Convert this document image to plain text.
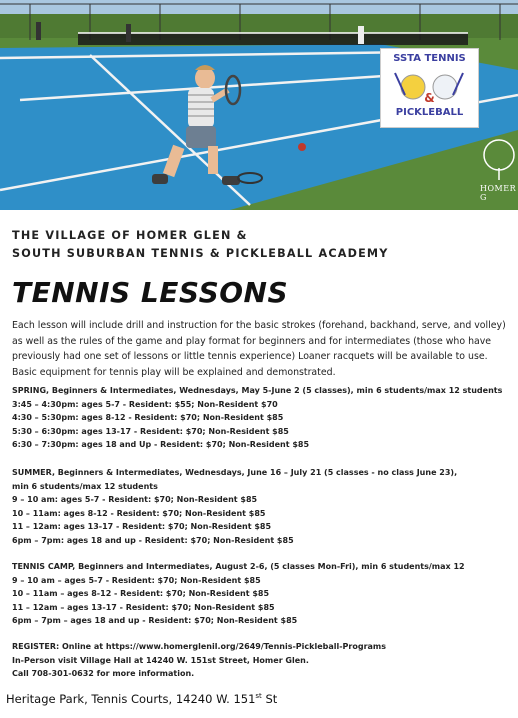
SSTA TENNIS
&
PICKLEBALL
HOMER G
THE VILLAGE OF HOMER GLEN &
SOUTH SUBURBAN TENNIS & PICKLEBALL ACADEMY
TENNIS LESSONS
Each lesson will include drill and instruction for the basic strokes (forehand, backhand, serve, and volley) as well as the rules of the game and play format for beginners and for intermediates (those who have previously had one set of lessons or little tennis experience) Loaner racquets will be available to use. Basic equipment for tennis play will be explained and demonstrated.
SPRING, Beginners & Intermediates, Wednesdays, May 5-June 2 (5 classes), min 6 students/max 12 students
3:45 – 4:30pm: ages 5-7 - Resident: $55; Non-Resident $70
4:30 – 5:30pm: ages 8-12 - Resident: $70; Non-Resident $85
5:30 – 6:30pm: ages 13-17 - Resident: $70; Non-Resident $85
6:30 – 7:30pm: ages 18 and Up - Resident: $70; Non-Resident $85
SUMMER, Beginners & Intermediates, Wednesdays, June 16 – July 21 (5 classes - no class June 23),
min 6 students/max 12 students
9 – 10 am: ages 5-7 - Resident: $70; Non-Resident $85
10 – 11am: ages 8-12 - Resident: $70; Non-Resident $85
11 – 12am: ages 13-17 - Resident: $70; Non-Resident $85
6pm – 7pm: ages 18 and up - Resident: $70; Non-Resident $85
TENNIS CAMP, Beginners and Intermediates, August 2-6, (5 classes Mon-Fri), min 6 students/max 12
9 – 10 am – ages 5-7 - Resident: $70; Non-Resident $85
10 – 11am – ages 8-12 - Resident: $70; Non-Resident $85
11 – 12am – ages 13-17 - Resident: $70; Non-Resident $85
6pm – 7pm – ages 18 and up - Resident: $70; Non-Resident $85
REGISTER: Online at https://www.homerglenil.org/2649/Tennis-Pickleball-Programs
In-Person visit Village Hall at 14240 W. 151st Street, Homer Glen.
Call 708-301-0632 for more information.
Heritage Park, Tennis Courts, 14240 W. 151st St
